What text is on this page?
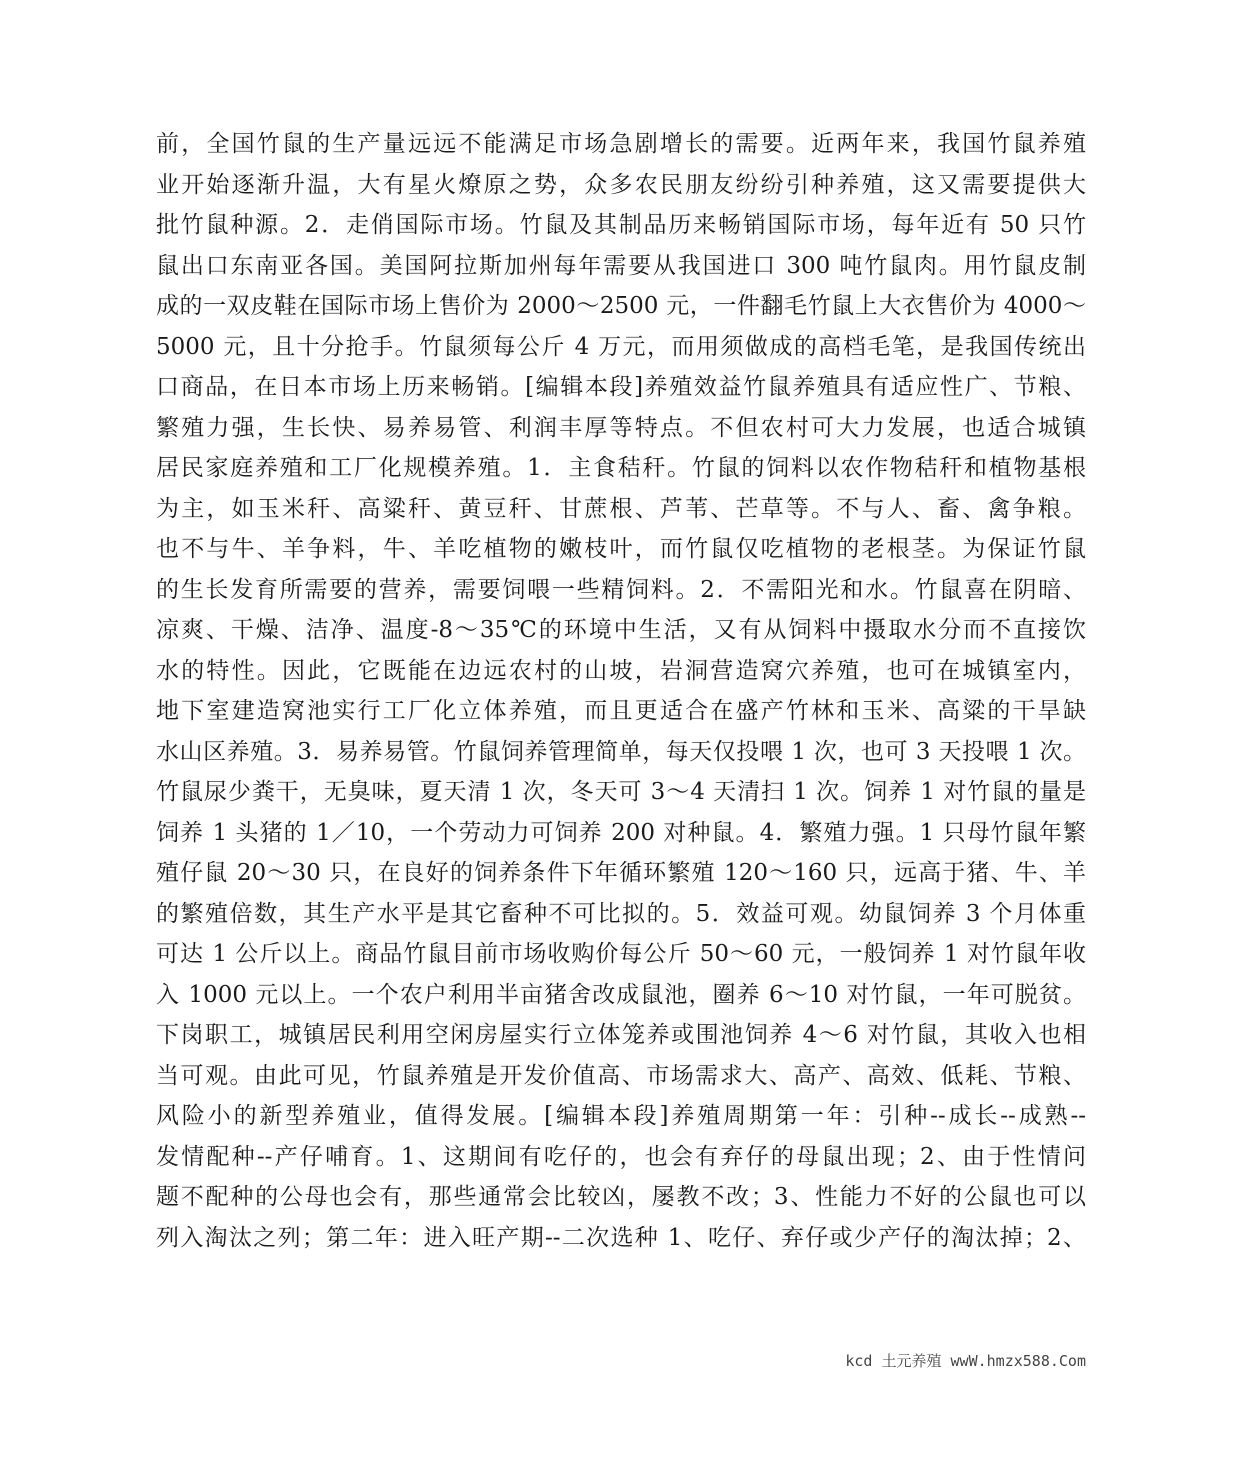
前，全国竹鼠的生产量远远不能满足市场急剧增长的需要。近两年来，我国竹鼠养殖
业开始逐渐升温，大有星火燎原之势，众多农民朋友纷纷引种养殖，这又需要提供大
批竹鼠种源。2．走俏国际市场。竹鼠及其制品历来畅销国际市场，每年近有 50 只竹
鼠出口东南亚各国。美国阿拉斯加州每年需要从我国进口 300 吨竹鼠肉。用竹鼠皮制
成的一双皮鞋在国际市场上售价为 2000～2500 元，一件翻毛竹鼠上大衣售价为 4000～
5000 元，且十分抢手。竹鼠须每公斤 4 万元，而用须做成的高档毛笔，是我国传统出
口商品，在日本市场上历来畅销。[编辑本段]养殖效益竹鼠养殖具有适应性广、节粮、
繁殖力强，生长快、易养易管、利润丰厚等特点。不但农村可大力发展，也适合城镇
居民家庭养殖和工厂化规模养殖。1．主食秸秆。竹鼠的饲料以农作物秸秆和植物基根
为主，如玉米秆、高粱秆、黄豆秆、甘蔗根、芦苇、芒草等。不与人、畜、禽争粮。
也不与牛、羊争料，牛、羊吃植物的嫩枝叶，而竹鼠仅吃植物的老根茎。为保证竹鼠
的生长发育所需要的营养，需要饲喂一些精饲料。2．不需阳光和水。竹鼠喜在阴暗、
凉爽、干燥、洁净、温度-8～35℃的环境中生活，又有从饲料中摄取水分而不直接饮
水的特性。因此，它既能在边远农村的山坡，岩洞营造窝穴养殖，也可在城镇室内，
地下室建造窝池实行工厂化立体养殖，而且更适合在盛产竹林和玉米、高粱的干旱缺
水山区养殖。3．易养易管。竹鼠饲养管理简单，每天仅投喂 1 次，也可 3 天投喂 1 次。
竹鼠尿少粪干，无臭味，夏天清 1 次，冬天可 3～4 天清扫 1 次。饲养 1 对竹鼠的量是
饲养 1 头猪的 1／10，一个劳动力可饲养 200 对种鼠。4．繁殖力强。1 只母竹鼠年繁
殖仔鼠 20～30 只，在良好的饲养条件下年循环繁殖 120～160 只，远高于猪、牛、羊
的繁殖倍数，其生产水平是其它畜种不可比拟的。5．效益可观。幼鼠饲养 3 个月体重
可达 1 公斤以上。商品竹鼠目前市场收购价每公斤 50～60 元，一般饲养 1 对竹鼠年收
入 1000 元以上。一个农户利用半亩猪舍改成鼠池，圈养 6～10 对竹鼠，一年可脱贫。
下岗职工，城镇居民利用空闲房屋实行立体笼养或围池饲养 4～6 对竹鼠，其收入也相
当可观。由此可见，竹鼠养殖是开发价值高、市场需求大、高产、高效、低耗、节粮、
风险小的新型养殖业，值得发展。[编辑本段]养殖周期第一年：引种--成长--成熟--
发情配种--产仔哺育。1、这期间有吃仔的，也会有弃仔的母鼠出现；2、由于性情问
题不配种的公母也会有，那些通常会比较凶，屡教不改；3、性能力不好的公鼠也可以
列入淘汰之列；第二年：进入旺产期--二次选种 1、吃仔、弃仔或少产仔的淘汰掉；2、
kcd 土元养殖 wwW.hmzx588.Com
